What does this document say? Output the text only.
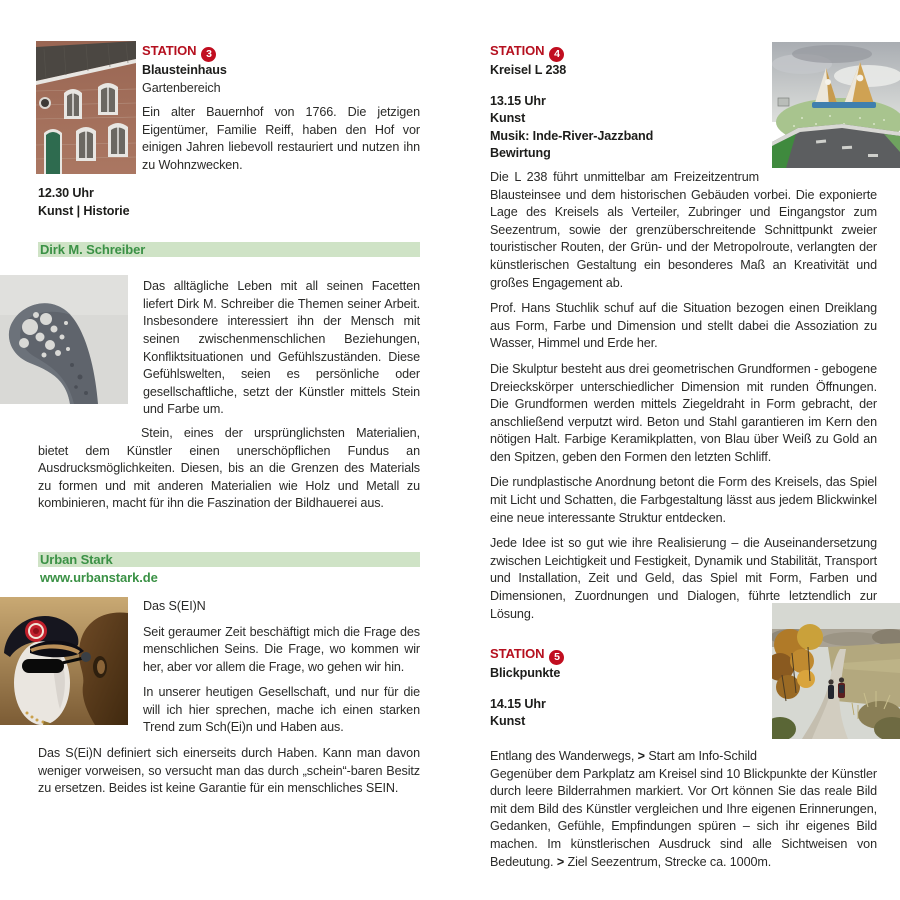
STATION 3
Blausteinhaus
Gartenbereich

Ein alter Bauernhof von 1766. Die jetzigen Eigentümer, Familie Reiff, haben den Hof vor einigen Jahren liebevoll restauriert und nutzen ihn zu Wohnzwecken.

12.30 Uhr
Kunst | Historie
Dirk M. Schreiber

Das alltägliche Leben mit all seinen Facetten liefert Dirk M. Schreiber die Themen seiner Arbeit. Insbesondere interessiert ihn der Mensch mit seinen zwischenmenschlichen Beziehungen, Konfliktsituationen und Gefühlszuständen. Diese Gefühlswelten, seien es persönliche oder gesellschaftliche, setzt der Künstler mittels Stein und Farbe um.

Stein, eines der ursprünglichsten Materialien, bietet dem Künstler einen unerschöpflichen Fundus an Ausdrucksmöglichkeiten. Diesen, bis an die Grenzen des Materials zu formen und mit anderen Materialien wie Holz und Metall zu kombinieren, macht für ihn die Faszination der Bildhauerei aus.

Urban Stark
www.urbanstark.de
Das S(EI)N

Seit geraumer Zeit beschäftigt mich die Frage des menschlichen Seins. Die Frage, wo kommen wir her, aber vor allem die Frage, wo gehen wir hin.

In unserer heutigen Gesellschaft, und nur für die will ich hier sprechen, mache ich einen starken Trend zum Sch(Ei)n und Haben aus.

Das S(Ei)N definiert sich einerseits durch Haben. Kann man davon weniger vorweisen, so versucht man das durch „schein“-baren Besitz zu ersetzen. Beides ist keine Garantie für ein menschliches SEIN.

STATION 4
Kreisel L 238
13.15 Uhr
Kunst
Musik: Inde-River-Jazzband
Bewirtung

Die L 238 führt unmittelbar am Freizeitzentrum Blausteinsee und dem historischen Gebäuden vorbei. Die exponierte Lage des Kreisels als Verteiler, Zubringer und Eingangstor zum Seezentrum, sowie der grenzüberschreitende Schnittpunkt zweier touristischer Routen, der Grün- und der Metropolroute, verlangten der künstlerischen Gestaltung ein besonderes Maß an Kreativität und großes Engagement ab.

Prof. Hans Stuchlik schuf auf die Situation bezogen einen Dreiklang aus Form, Farbe und Dimension und stellt dabei die Assoziation zu Wasser, Himmel und Erde her.

Die Skulptur besteht aus drei geometrischen Grundformen - gebogene Dreieckskörper unterschiedlicher Dimension mit runden Öffnungen. Die Grundformen werden mittels Ziegeldraht in Form gebracht, der anschließend verputzt wird. Beton und Stahl garantieren im Kern den nötigen Halt. Farbige Keramikplatten, von Blau über Weiß zu Gold an den Spitzen, geben den Formen den letzten Schliff.

Die rundplastische Anordnung betont die Form des Kreisels, das Spiel mit Licht und Schatten, die Farbgestaltung lässt aus jedem Blickwinkel eine neue interessante Struktur entdecken.

Jede Idee ist so gut wie ihre Realisierung – die Auseinandersetzung zwischen Leichtigkeit und Festigkeit, Dynamik und Stabilität, Transport und Installation, Zeit und Geld, das Spiel mit Form, Farben und Dimensionen, Zuordnungen und Dialogen, führte letztendlich zur Lösung.

STATION 5
Blickpunkte
14.15 Uhr
Kunst
Entlang des Wanderwegs, > Start am Info-Schild

Gegenüber dem Parkplatz am Kreisel sind 10 Blickpunkte der Künstler durch leere Bilderrahmen markiert. Vor Ort können Sie das reale Bild mit dem Bild des Künstler vergleichen und Ihre eigenen Erinnerungen, Gedanken, Gefühle, Empfindungen spüren – sich ihr eigenes Bild machen. Im künstlerischen Ausdruck sind alle Sichtweisen von Bedeutung. > Ziel Seezentrum, Strecke ca. 1000m.
